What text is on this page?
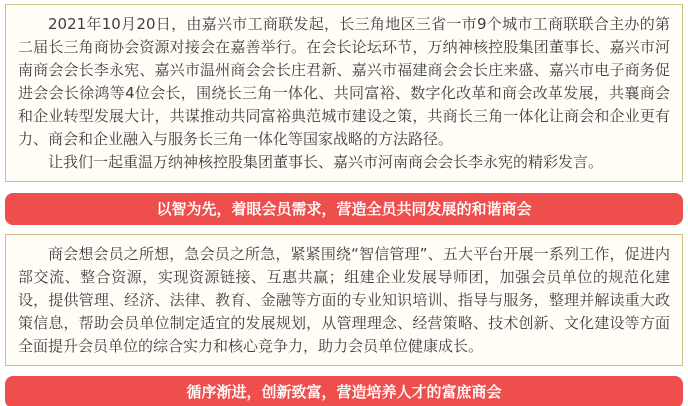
2021年10月20日，由嘉兴市工商联发起，长三角地区三省一市9个城市工商联联合主办的第二届长三角商协会资源对接会在嘉善举行。在会长论坛环节，万纳神核控股集团董事长、嘉兴市河南商会会长李永宪、嘉兴市温州商会会长庄君新、嘉兴市福建商会会长庄来盛、嘉兴市电子商务促进会会长徐鸿等4位会长，围绕长三角一体化、共同富裕、数字化改革和商会改革发展，共襄商会和企业转型发展大计，共谋推动共同富裕典范城市建设之策，共商长三角一体化让商会和企业更有力、商会和企业融入与服务长三角一体化等国家战略的方法路径。

让我们一起重温万纳神核控股集团董事长、嘉兴市河南商会会长李永宪的精彩发言。

以智为先，着眼会员需求，营造全员共同发展的和谐商会

商会想会员之所想，急会员之所急，紧紧围绕“智信管理”、五大平台开展一系列工作，促进内部交流、整合资源，实现资源链接、互惠共赢；组建企业发展导师团，加强会员单位的规范化建设，提供管理、经济、法律、教育、金融等方面的专业知识培训、指导与服务，整理并解读重大政策信息，帮助会员单位制定适宜的发展规划，从管理理念、经营策略、技术创新、文化建设等方面全面提升会员单位的综合实力和核心竞争力，助力会员单位健康成长。

循序渐进，创新致富，营造培养人才的富庶商会
